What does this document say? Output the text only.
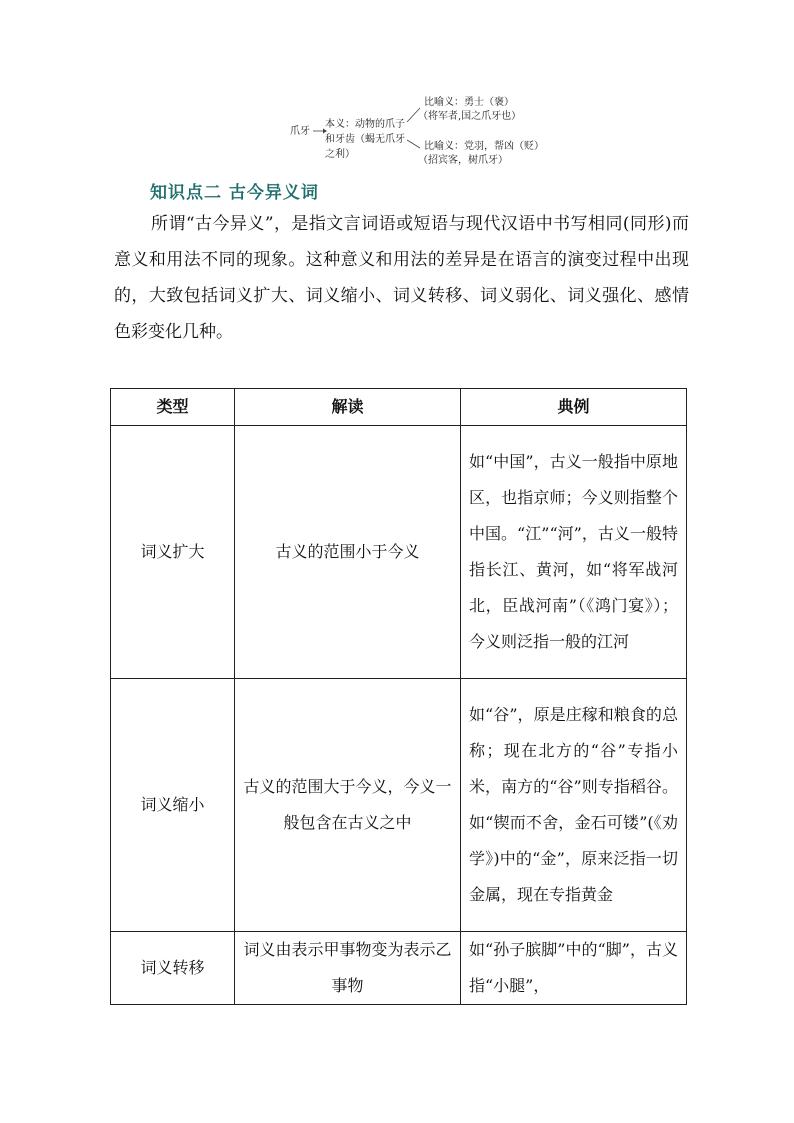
爪牙
本义：动物的爪子
和牙齿（蝎无爪牙
之利）
比喻义：勇士（褒）
（将军者,国之爪牙也）
比喻义：党羽，帮凶（贬）
（招宾客，树爪牙）
知识点二 古今异义词

所谓“古今异义”，是指文言词语或短语与现代汉语中书写相同(同形)而意义和用法不同的现象。这种意义和用法的差异是在语言的演变过程中出现的，大致包括词义扩大、词义缩小、词义转移、词义弱化、词义强化、感情色彩变化几种。

类型	解读	典例
词义扩大	古义的范围小于今义	如“中国”，古义一般指中原地区，也指京师；今义则指整个中国。“江”“河”，古义一般特指长江、黄河，如“将军战河北，臣战河南”（《鸿门宴》）；今义则泛指一般的江河
词义缩小	古义的范围大于今义，今义一般包含在古义之中	如“谷”，原是庄稼和粮食的总称；现在北方的“谷”专指小米，南方的“谷”则专指稻谷。如“锲而不舍，金石可镂”(《劝学》)中的“金”，原来泛指一切金属，现在专指黄金
词义转移	词义由表示甲事物变为表示乙事物	如“孙子膑脚”中的“脚”，古义指“小腿”，
